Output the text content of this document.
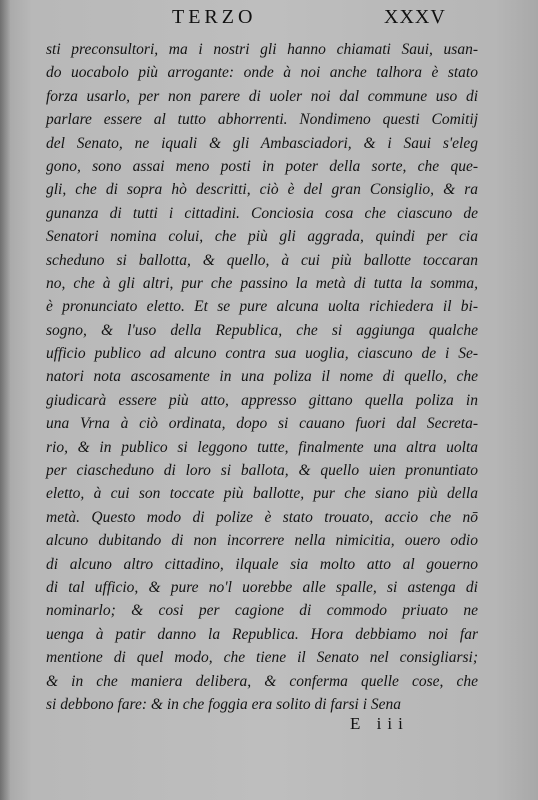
TERZO	XXXV
sti preconsultori, ma i nostri gli hanno chiamati Saui, usan-
do uocabolo più arrogante: onde à noi anche talhora è stato
forza usarlo, per non parere di uoler noi dal commune uso di
parlare essere al tutto abhorrenti. Nondimeno questi Comitij
del Senato, ne iquali & gli Ambasciadori, & i Saui s'eleg
gono, sono assai meno posti in poter della sorte, che que-
gli, che di sopra hò descritti, ciò è del gran Consiglio, & ra
gunanza di tutti i cittadini. Conciosia cosa che ciascuno de
Senatori nomina colui, che più gli aggrada, quindi per cia
scheduno si ballotta, & quello, à cui più ballotte toccaran
no, che à gli altri, pur che passino la metà di tutta la somma,
è pronunciato eletto. Et se pure alcuna uolta richiedera il bi-
sogno, & l'uso della Republica, che si aggiunga qualche
ufficio publico ad alcuno contra sua uoglia, ciascuno de i Se-
natori nota ascosamente in una poliza il nome di quello, che
giudicarà essere più atto, appresso gittano quella poliza in
una Vrna à ciò ordinata, dopo si cauano fuori dal Secreta-
rio, & in publico si leggono tutte, finalmente una altra uolta
per ciascheduno di loro si ballota, & quello uien pronuntiato
eletto, à cui son toccate più ballotte, pur che siano più della
metà. Questo modo di polize è stato trouato, accio che nō
alcuno dubitando di non incorrere nella nimicitia, ouero odio
di alcuno altro cittadino, ilquale sia molto atto al gouerno
di tal ufficio, & pure no'l uorebbe alle spalle, si astenga di
nominarlo; & cosi per cagione di commodo priuato ne
uenga à patir danno la Republica. Hora debbiamo noi far
mentione di quel modo, che tiene il Senato nel consigliarsi;
& in che maniera delibera, & conferma quelle cose, che
si debbono fare: & in che foggia era solito di farsi i Sena
E iii
